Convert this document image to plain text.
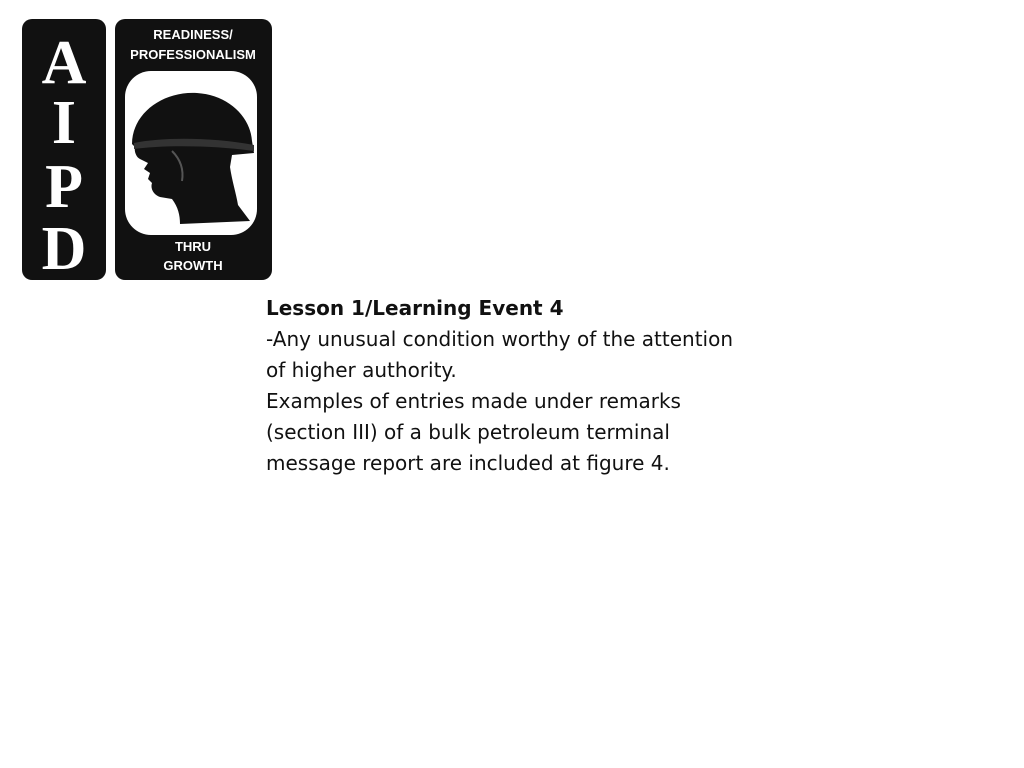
A
I
P
D
READINESS/
PROFESSIONALISM
THRU
GROWTH
Lesson 1/Learning Event 4
-Any unusual condition worthy of the attention
of higher authority.
Examples of entries made under remarks
(section III) of a bulk petroleum terminal
message report are included at figure 4.
